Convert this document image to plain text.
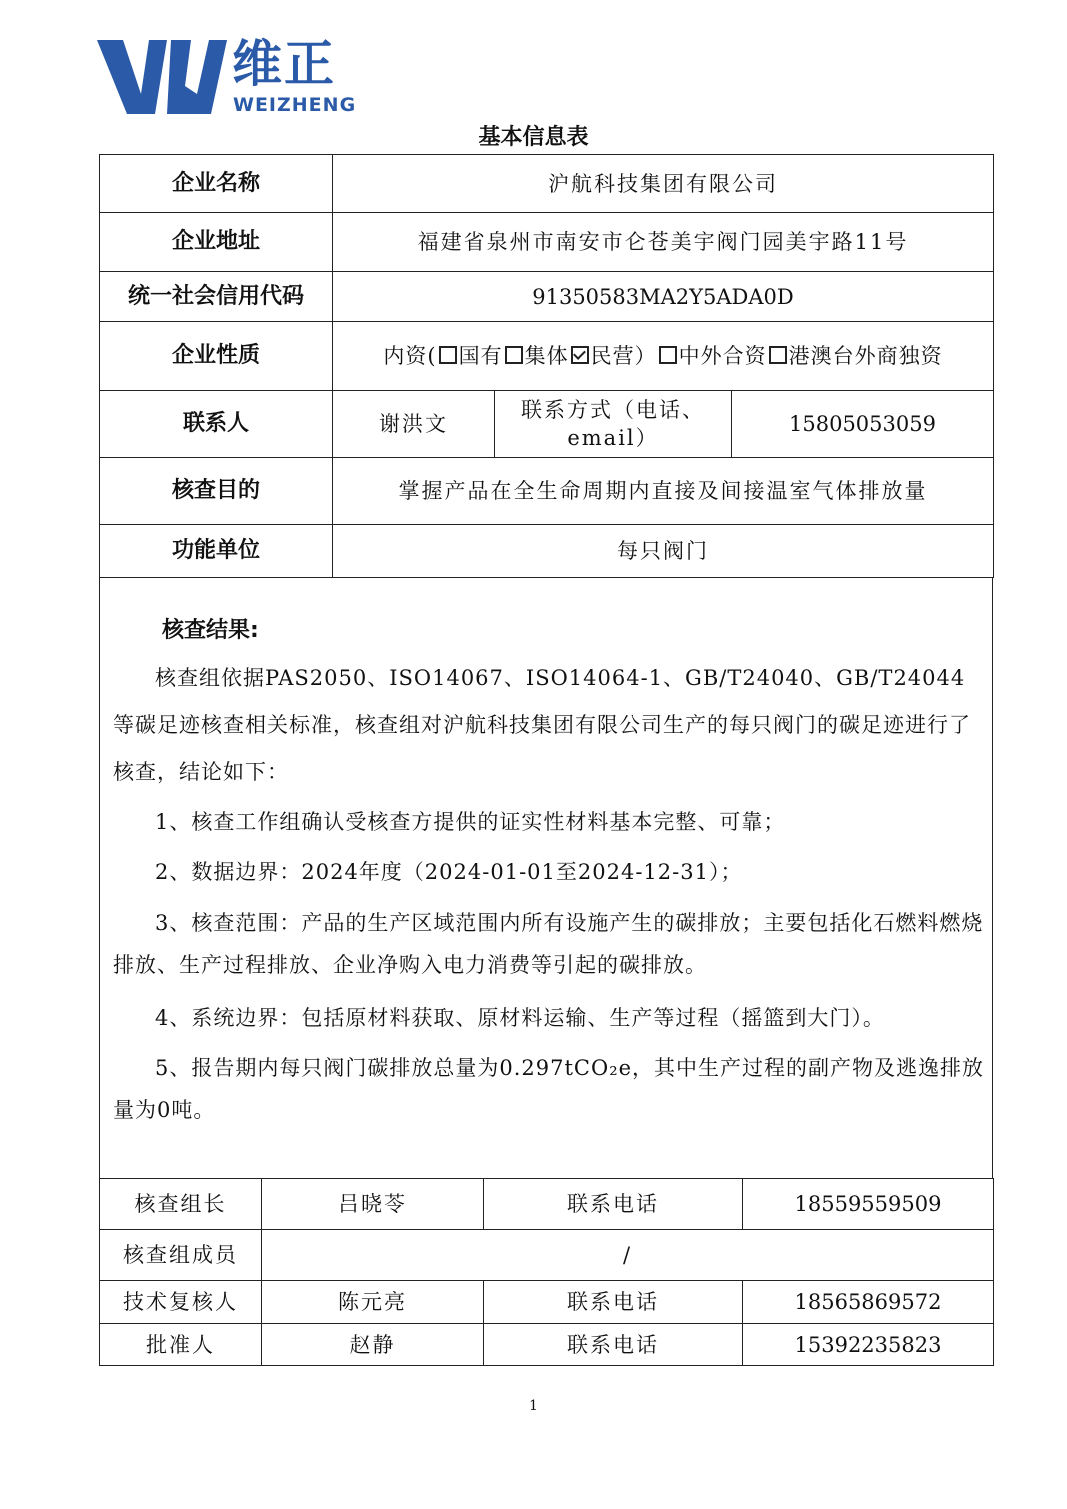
维正
WEIZHENG
基本信息表
企业名称	沪航科技集团有限公司		
企业地址	福建省泉州市南安市仑苍美宇阀门园美宇路11号		
统一社会信用代码	91350583MA2Y5ADA0D		
企业性质	内资( 国有 集体 民营） 中外合资 港澳台外商独资		
联系人	谢洪文	联系方式（电话、email）	15805053059
核查目的	掌握产品在全生命周期内直接及间接温室气体排放量		
功能单位	每只阀门		
核查结果:
核查组依据PAS2050、ISO14067、ISO14064-1、GB/T24040、GB/T24044等碳足迹核查相关标准，核查组对沪航科技集团有限公司生产的每只阀门的碳足迹进行了核查，结论如下：
1、核查工作组确认受核查方提供的证实性材料基本完整、可靠；
2、数据边界：2024年度（2024-01-01至2024-12-31）；
3、核查范围：产品的生产区域范围内所有设施产生的碳排放；主要包括化石燃料燃烧排放、生产过程排放、企业净购入电力消费等引起的碳排放。
4、系统边界：包括原材料获取、原材料运输、生产等过程（摇篮到大门）。
5、报告期内每只阀门碳排放总量为0.297tCO₂e，其中生产过程的副产物及逃逸排放量为0吨。
核查组长	吕晓苓	联系电话	18559559509
核查组成员	/		
技术复核人	陈元亮	联系电话	18565869572
批准人	赵静	联系电话	15392235823
1
